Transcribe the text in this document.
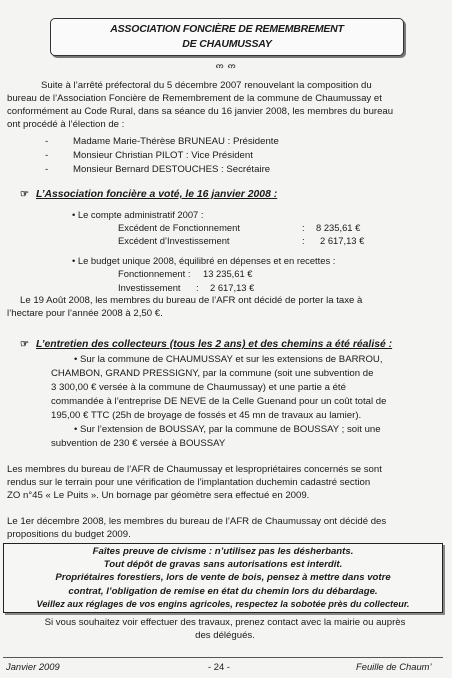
ASSOCIATION FONCIÈRE DE REMEMBREMENT
DE CHAUMUSSAY
ဢ ဢ
Suite à l’arrêté préfectoral du 5 décembre 2007 renouvelant la composition du
bureau de l’Association Foncière de Remembrement de la commune de Chaumussay et
conformément au Code Rural, dans sa séance du 16 janvier 2008, les membres du bureau
ont procédé à l’élection de :
-	Madame Marie-Thérèse BRUNEAU : Présidente
-	Monsieur Christian PILOT : Vice Président
-	Monsieur Bernard DESTOUCHES : Secrétaire
☞ L’Association foncière a voté, le 16 janvier 2008 :
• Le compte administratif 2007 :
Excédent de Fonctionnement	: 8 235,61 €
Excédent d’Investissement	: 2 617,13 €
• Le budget unique 2008, équilibré en dépenses et en recettes :
Fonctionnement : 13 235,61 €
Investissement : 2 617,13 €
Le 19 Août 2008, les membres du bureau de l’AFR ont décidé de porter la taxe à
l’hectare pour l’année 2008 à 2,50 €.
☞ L’entretien des collecteurs (tous les 2 ans) et des chemins a été réalisé :
• Sur la commune de CHAUMUSSAY et sur les extensions de BARROU,
CHAMBON, GRAND PRESSIGNY, par la commune (soit une subvention de
3 300,00 € versée à la commune de Chaumussay) et une partie a été
commandée à l’entreprise DE NEVE de la Celle Guenand pour un coût total de
195,00 € TTC (25h de broyage de fossés et 45 mn de travaux au lamier).
• Sur l’extension de BOUSSAY, par la commune de BOUSSAY ; soit une
subvention de 230 € versée à BOUSSAY
Les membres du bureau de l’AFR de Chaumussay et lespropriétaires concernés se sont
rendus sur le terrain pour une vérification de l’implantation duchemin cadastré section
ZO n°45 « Le Puits ». Un bornage par géomètre sera effectué en 2009.
Le 1er décembre 2008, les membres du bureau de l’AFR de Chaumussay ont décidé des
propositions du budget 2009.
Faîtes preuve de civisme : n’utilisez pas les désherbants.
Tout dépôt de gravas sans autorisations est interdit.
Propriétaires forestiers, lors de vente de bois, pensez à mettre dans votre
contrat, l’obligation de remise en état du chemin lors du débardage.
Veillez aux réglages de vos engins agricoles, respectez la sobotée près du collecteur.
Si vous souhaitez voir effectuer des travaux, prenez contact avec la mairie ou auprès
des délégués.
Janvier 2009	- 24 -	Feuille de Chaum’
